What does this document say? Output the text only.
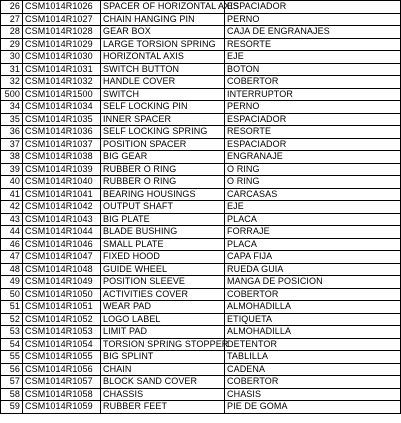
26	CSM1014R1026	SPACER OF HORIZONTAL AXIS	ESPACIADOR
27	CSM1014R1027	CHAIN HANGING PIN	PERNO
28	CSM1014R1028	GEAR BOX	CAJA DE ENGRANAJES
29	CSM1014R1029	LARGE TORSION SPRING	RESORTE
30	CSM1014R1030	HORIZONTAL AXIS	EJE
31	CSM1014R1031	SWITCH BUTTON	BOTON
32	CSM1014R1032	HANDLE COVER	COBERTOR
500	CSM1014R1500	SWITCH	INTERRUPTOR
34	CSM1014R1034	SELF LOCKING PIN	PERNO
35	CSM1014R1035	INNER SPACER	ESPACIADOR
36	CSM1014R1036	SELF LOCKING SPRING	RESORTE
37	CSM1014R1037	POSITION SPACER	ESPACIADOR
38	CSM1014R1038	BIG GEAR	ENGRANAJE
39	CSM1014R1039	RUBBER O RING	O RING
40	CSM1014R1040	RUBBER O RING	O RING
41	CSM1014R1041	BEARING HOUSINGS	CARCASAS
42	CSM1014R1042	OUTPUT SHAFT	EJE
43	CSM1014R1043	BIG PLATE	PLACA
44	CSM1014R1044	BLADE BUSHING	FORRAJE
46	CSM1014R1046	SMALL PLATE	PLACA
47	CSM1014R1047	FIXED HOOD	CAPA FIJA
48	CSM1014R1048	GUIDE WHEEL	RUEDA GUIA
49	CSM1014R1049	POSITION SLEEVE	MANGA DE POSICION
50	CSM1014R1050	ACTIVITIES COVER	COBERTOR
51	CSM1014R1051	WEAR PAD	ALMOHADILLA
52	CSM1014R1052	LOGO LABEL	ETIQUETA
53	CSM1014R1053	LIMIT PAD	ALMOHADILLA
54	CSM1014R1054	TORSION SPRING STOPPER	DETENTOR
55	CSM1014R1055	BIG SPLINT	TABLILLA
56	CSM1014R1056	CHAIN	CADENA
57	CSM1014R1057	BLOCK SAND COVER	COBERTOR
58	CSM1014R1058	CHASSIS	CHASIS
59	CSM1014R1059	RUBBER FEET	PIE DE GOMA
